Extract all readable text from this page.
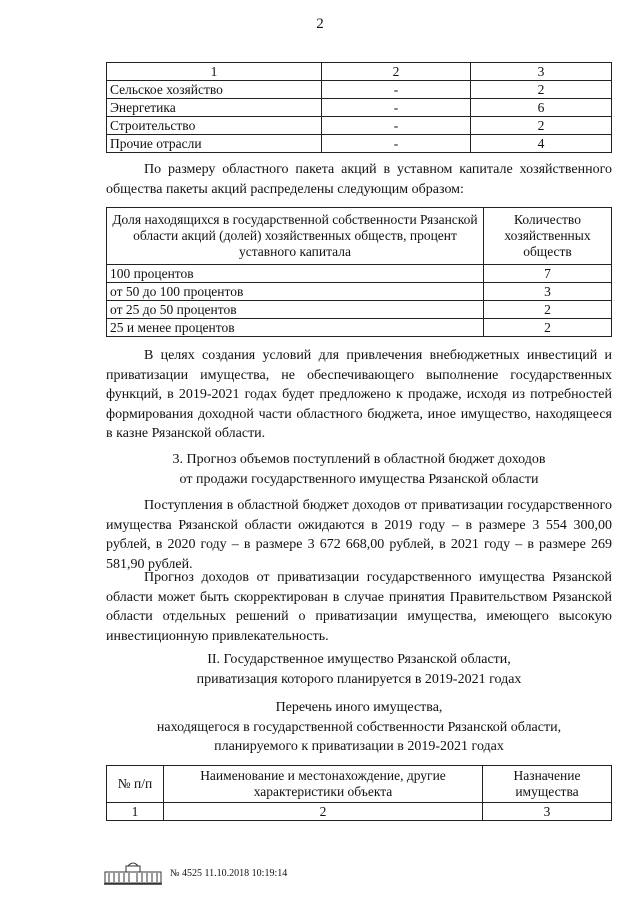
2
1	2	3
Сельское хозяйство	-	2
Энергетика	-	6
Строительство	-	2
Прочие отрасли	-	4

По размеру областного пакета акций в уставном капитале хозяйственного общества пакеты акций распределены следующим образом:

Доля находящихся в государственной собственности Рязанской области акций (долей) хозяйственных обществ, процент уставного капитала	Количество хозяйственных обществ
100 процентов	7
от 50 до 100 процентов	3
от 25 до 50 процентов	2
25 и менее процентов	2

В целях создания условий для привлечения внебюджетных инвестиций и приватизации имущества, не обеспечивающего выполнение государственных функций, в 2019-2021 годах будет предложено к продаже, исходя из потребностей формирования доходной части областного бюджета, иное имущество, находящееся в казне Рязанской области.

3. Прогноз объемов поступлений в областной бюджет доходов
от продажи государственного имущества Рязанской области

Поступления в областной бюджет доходов от приватизации государственного имущества Рязанской области ожидаются в 2019 году – в размере 3 554 300,00 рублей, в 2020 году – в размере 3 672 668,00 рублей, в 2021 году – в размере 269 581,90 рублей.

Прогноз доходов от приватизации государственного имущества Рязанской области может быть скорректирован в случае принятия Правительством Рязанской области отдельных решений о приватизации имущества, имеющего высокую инвестиционную привлекательность.

II. Государственное имущество Рязанской области,
приватизация которого планируется в 2019-2021 годах

Перечень иного имущества,
находящегося в государственной собственности Рязанской области,
планируемого к приватизации в 2019-2021 годах

№ п/п	Наименование и местонахождение, другие характеристики объекта	Назначение имущества
1	2	3
№ 4525 11.10.2018 10:19:14
